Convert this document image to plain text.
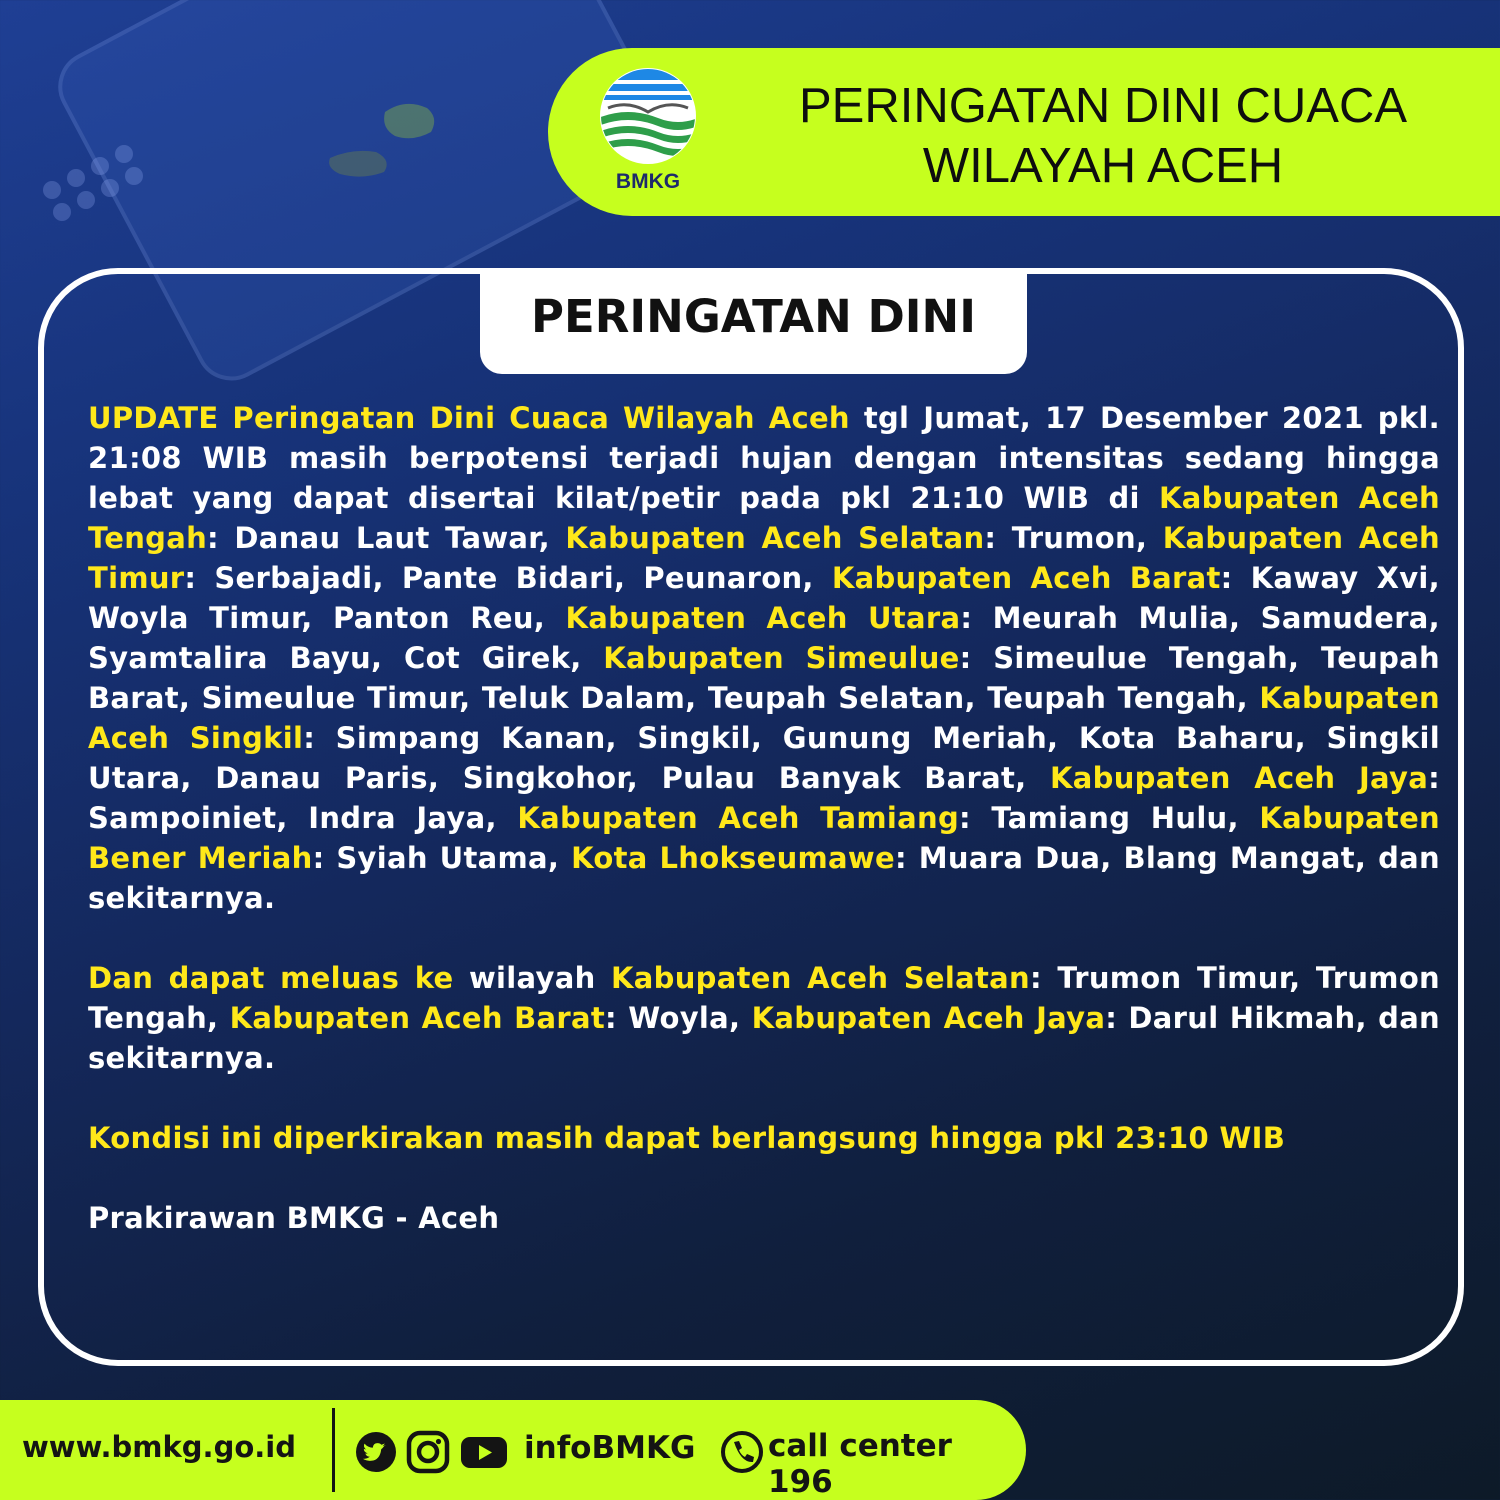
BMKG
PERINGATAN DINI CUACA
WILAYAH ACEH
PERINGATAN DINI

UPDATE Peringatan Dini Cuaca Wilayah Aceh tgl Jumat, 17 Desember 2021 pkl. 21:08 WIB masih berpotensi terjadi hujan dengan intensitas sedang hingga lebat yang dapat disertai kilat/petir pada pkl 21:10 WIB di Kabupaten Aceh Tengah: Danau Laut Tawar, Kabupaten Aceh Selatan: Trumon, Kabupaten Aceh Timur: Serbajadi, Pante Bidari, Peunaron, Kabupaten Aceh Barat: Kaway Xvi, Woyla Timur, Panton Reu, Kabupaten Aceh Utara: Meurah Mulia, Samudera, Syamtalira Bayu, Cot Girek, Kabupaten Simeulue: Simeulue Tengah, Teupah Barat, Simeulue Timur, Teluk Dalam, Teupah Selatan, Teupah Tengah, Kabupaten Aceh Singkil: Simpang Kanan, Singkil, Gunung Meriah, Kota Baharu, Singkil Utara, Danau Paris, Singkohor, Pulau Banyak Barat, Kabupaten Aceh Jaya: Sampoiniet, Indra Jaya, Kabupaten Aceh Tamiang: Tamiang Hulu, Kabupaten Bener Meriah: Syiah Utama, Kota Lhokseumawe: Muara Dua, Blang Mangat, dan sekitarnya.

Dan dapat meluas ke wilayah Kabupaten Aceh Selatan: Trumon Timur, Trumon Tengah, Kabupaten Aceh Barat: Woyla, Kabupaten Aceh Jaya: Darul Hikmah, dan sekitarnya.

Kondisi ini diperkirakan masih dapat berlangsung hingga pkl 23:10 WIB

Prakirawan BMKG - Aceh

www.bmkg.go.id	infoBMKG call center 196
